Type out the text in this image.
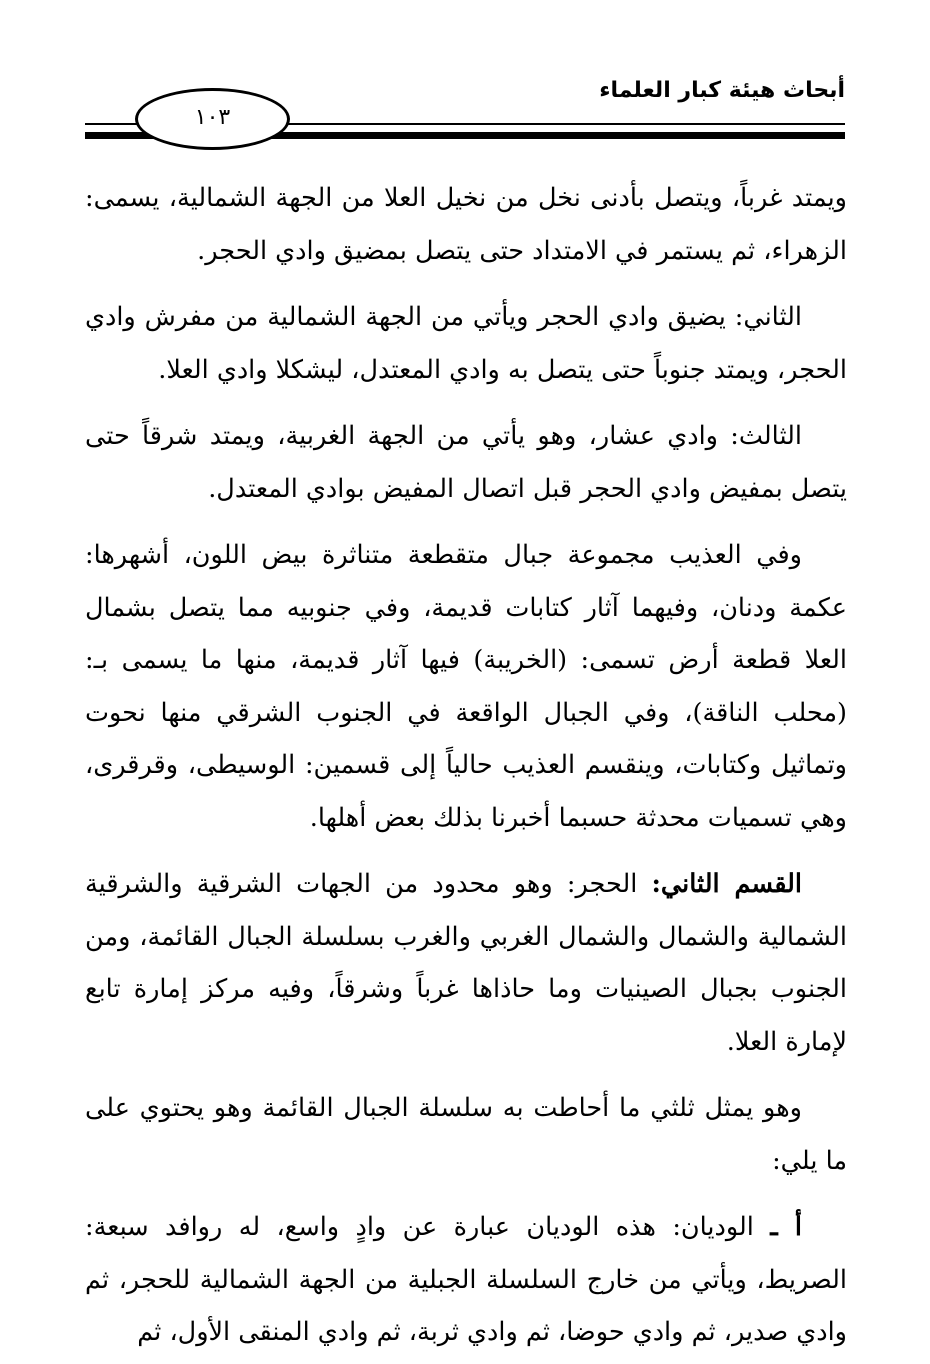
أبحاث هيئة كبار العلماء
١٠٣

ويمتد غرباً، ويتصل بأدنى نخل من نخيل العلا من الجهة الشمالية، يسمى: الزهراء، ثم يستمر في الامتداد حتى يتصل بمضيق وادي الحجر.

الثاني: يضيق وادي الحجر ويأتي من الجهة الشمالية من مفرش وادي الحجر، ويمتد جنوباً حتى يتصل به وادي المعتدل، ليشكلا وادي العلا.

الثالث: وادي عشار، وهو يأتي من الجهة الغربية، ويمتد شرقاً حتى يتصل بمفيض وادي الحجر قبل اتصال المفيض بوادي المعتدل.

وفي العذيب مجموعة جبال متقطعة متناثرة بيض اللون، أشهرها: عكمة ودنان، وفيهما آثار كتابات قديمة، وفي جنوبيه مما يتصل بشمال العلا قطعة أرض تسمى: (الخريبة) فيها آثار قديمة، منها ما يسمى بـ: (محلب الناقة)، وفي الجبال الواقعة في الجنوب الشرقي منها نحوت وتماثيل وكتابات، وينقسم العذيب حالياً إلى قسمين: الوسيطى، وقرقرى، وهي تسميات محدثة حسبما أخبرنا بذلك بعض أهلها.

القسم الثاني: الحجر: وهو محدود من الجهات الشرقية والشرقية الشمالية والشمال والشمال الغربي والغرب بسلسلة الجبال القائمة، ومن الجنوب بجبال الصينيات وما حاذاها غرباً وشرقاً، وفيه مركز إمارة تابع لإمارة العلا.

وهو يمثل ثلثي ما أحاطت به سلسلة الجبال القائمة وهو يحتوي على ما يلي:

أ ـ الوديان: هذه الوديان عبارة عن وادٍ واسع، له روافد سبعة: الصريط، ويأتي من خارج السلسلة الجبلية من الجهة الشمالية للحجر، ثم وادي صدير، ثم وادي حوضا، ثم وادي ثربة، ثم وادي المنقى الأول، ثم
